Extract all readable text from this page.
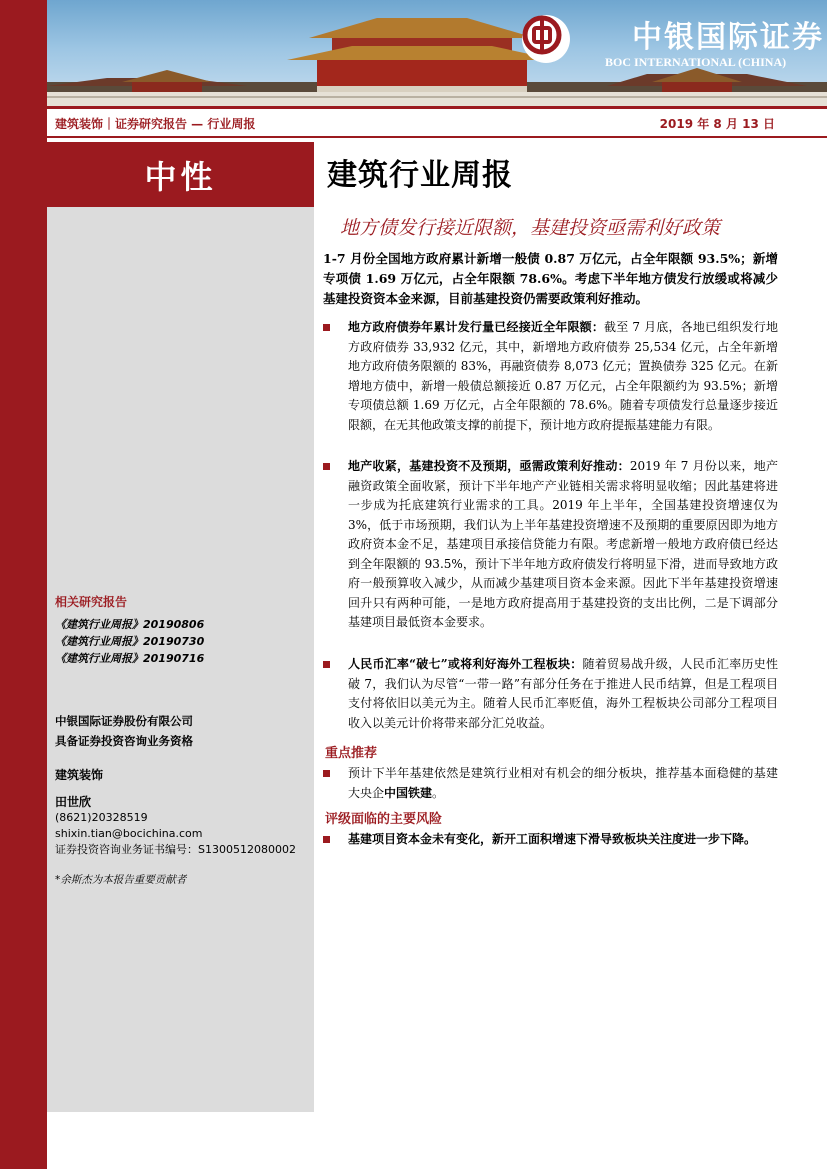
中银国际证券
BOC INTERNATIONAL (CHINA)
建筑装饰｜证券研究报告 — 行业周报	2019 年 8 月 13 日
中性	建筑行业周报
地方债发行接近限额，基建投资亟需利好政策
1-7 月份全国地方政府累计新增一般债 0.87 万亿元，占全年限额 93.5%；新增专项债 1.69 万亿元，占全年限额 78.6%。考虑下半年地方债发行放缓或将减少基建投资资本金来源，目前基建投资仍需要政策利好推动。
地方政府债券年累计发行量已经接近全年限额：截至 7 月底，各地已组织发行地方政府债券 33,932 亿元，其中，新增地方政府债券 25,534 亿元，占全年新增地方政府债务限额的 83%，再融资债券 8,073 亿元；置换债券 325 亿元。在新增地方债中，新增一般债总额接近 0.87 万亿元，占全年限额约为 93.5%；新增专项债总额 1.69 万亿元，占全年限额的 78.6%。随着专项债发行总量逐步接近限额，在无其他政策支撑的前提下，预计地方政府提振基建能力有限。
地产收紧，基建投资不及预期，亟需政策利好推动：2019 年 7 月份以来，地产融资政策全面收紧，预计下半年地产产业链相关需求将明显收缩；因此基建将进一步成为托底建筑行业需求的工具。2019 年上半年，全国基建投资增速仅为 3%，低于市场预期，我们认为上半年基建投资增速不及预期的重要原因即为地方政府资本金不足，基建项目承接信贷能力有限。考虑新增一般地方政府债已经达到全年限额的 93.5%，预计下半年地方政府债发行将明显下滑，进而导致地方政府一般预算收入减少，从而减少基建项目资本金来源。因此下半年基建投资增速回升只有两种可能，一是地方政府提高用于基建投资的支出比例，二是下调部分基建项目最低资本金要求。
人民币汇率“破七”或将利好海外工程板块：随着贸易战升级，人民币汇率历史性破 7，我们认为尽管“一带一路”有部分任务在于推进人民币结算，但是工程项目支付将依旧以美元为主。随着人民币汇率贬值，海外工程板块公司部分工程项目收入以美元计价将带来部分汇兑收益。
重点推荐
预计下半年基建依然是建筑行业相对有机会的细分板块，推荐基本面稳健的基建大央企中国铁建。
评级面临的主要风险
基建项目资本金未有变化，新开工面积增速下滑导致板块关注度进一步下降。
相关研究报告
《建筑行业周报》20190806
《建筑行业周报》20190730
《建筑行业周报》20190716
中银国际证券股份有限公司
具备证券投资咨询业务资格
建筑装饰
田世欣
(8621)20328519
shixin.tian@bocichina.com
证券投资咨询业务证书编号：S1300512080002
*余斯杰为本报告重要贡献者
